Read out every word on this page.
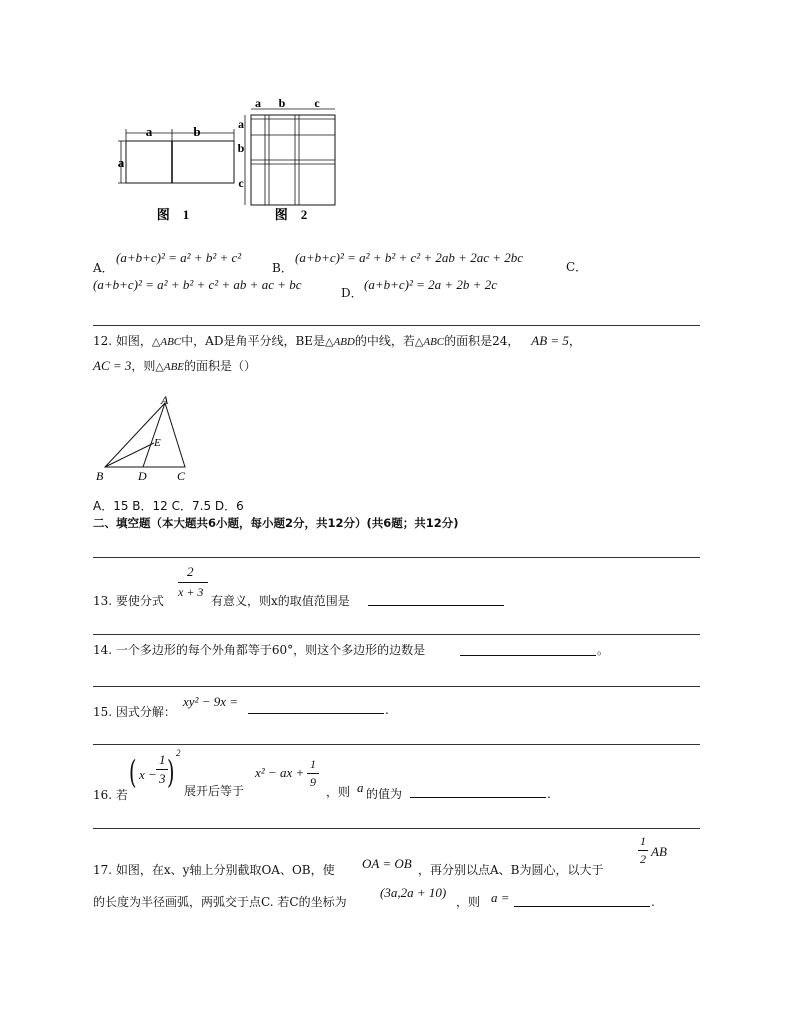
a	b
a
图　1
a b c
a
b
c
图　2
A．
(a+b+c)² = a² + b² + c²
B．
(a+b+c)² = a² + b² + c² + 2ab + 2ac + 2bc
C．
(a+b+c)² = a² + b² + c² + ab + ac + bc
D．
(a+b+c)² = 2a + 2b + 2c
12. 如图，△ABC中，AD是角平分线，BE是△ABD的中线，若△ABC的面积是24， AB = 5，
AC = 3，则△ABE的面积是（）
A
B	D	C
E
A．15 B．12 C．7.5 D．6
二、填空题（本大题共6小题，每小题2分，共12分）(共6题；共12分)
13. 要使分式
2
x + 3
有意义，则x的取值范围是
14. 一个多边形的每个外角都等于60°，则这个多边形的边数是	。
15. 因式分解：
xy² − 9x =
.
16. 若
( x −
1
3 ) 2
展开后等于
x² − ax +
1
9
，则 a 的值为	.
17. 如图，在x、y轴上分别截取OA、OB，使 OA = OB ，再分别以点A、B为圆心，以大于
1
2 AB
的长度为半径画弧，两弧交于点C. 若C的坐标为
(3a,2a + 10)
，则 a =	.
